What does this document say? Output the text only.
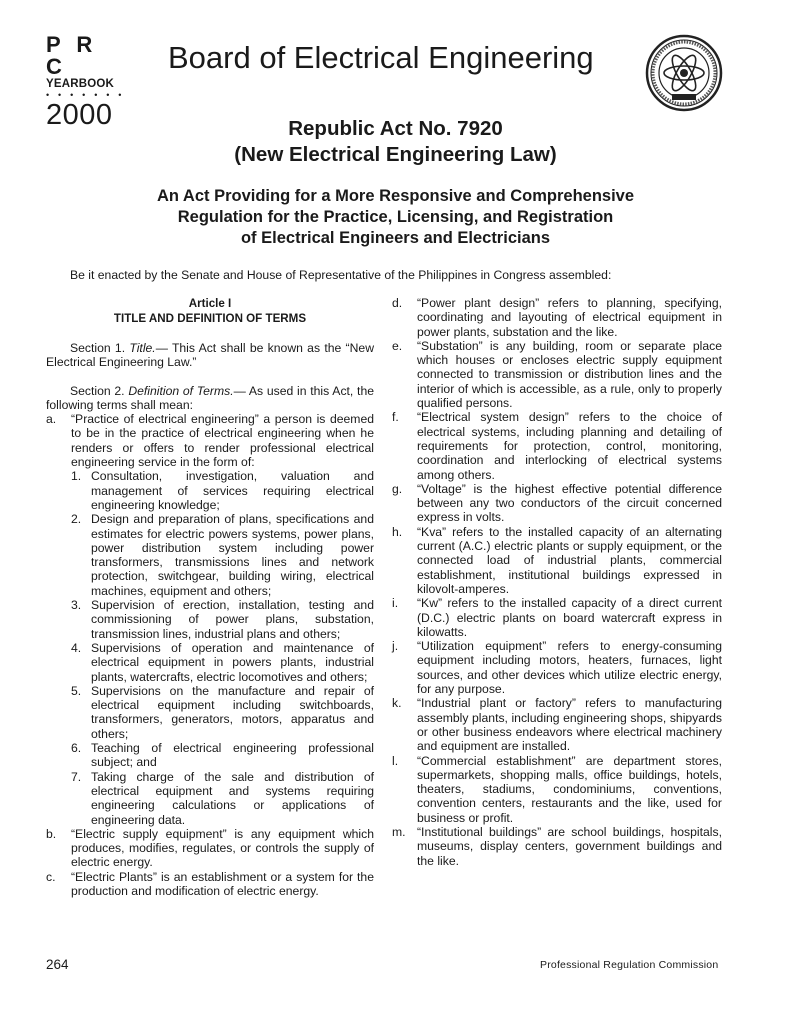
P R C
YEARBOOK
• • • • • • •
2000
Board of Electrical Engineering
Republic Act No. 7920
(New Electrical Engineering Law)
An Act Providing for a More Responsive and Comprehensive
Regulation for the Practice, Licensing, and Registration
of Electrical Engineers and Electricians
Be it enacted by the Senate and House of Representative of the Philippines in Congress assembled:
Article I
TITLE AND DEFINITION OF TERMS

Section 1. Title.— This Act shall be known as the “New Electrical Engineering Law.”

Section 2. Definition of Terms.— As used in this Act, the following terms shall mean:

a.	“Practice of electrical engineering” a person is deemed to be in the practice of electrical engineering when he renders or offers to render professional electrical engineering service in the form of:
1. Consultation, investigation, valuation and management of services requiring electrical engineering knowledge;
2. Design and preparation of plans, specifications and estimates for electric powers systems, power plans, power distribution system including power transformers, transmissions lines and network protection, switchgear, building wiring, electrical machines, equipment and others;
3. Supervision of erection, installation, testing and commissioning of power plans, substation, transmission lines, industrial plans and others;
4. Supervisions of operation and maintenance of electrical equipment in powers plants, industrial plants, watercrafts, electric locomotives and others;
5. Supervisions on the manufacture and repair of electrical equipment including switchboards, transformers, generators, motors, apparatus and others;
6. Teaching of electrical engineering professional subject; and
7. Taking charge of the sale and distribution of electrical equipment and systems requiring engineering calculations or applications of engineering data.
b.	“Electric supply equipment” is any equipment which produces, modifies, regulates, or controls the supply of electric energy.
c.	“Electric Plants” is an establishment or a system for the production and modification of electric energy.
d.	“Power plant design” refers to planning, specifying, coordinating and layouting of electrical equipment in power plants, substation and the like.
e.	“Substation” is any building, room or separate place which houses or encloses electric supply equipment connected to transmission or distribution lines and the interior of which is accessible, as a rule, only to properly qualified persons.
f.	“Electrical system design” refers to the choice of electrical systems, including planning and detailing of requirements for protection, control, monitoring, coordination and interlocking of electrical systems among others.
g.	“Voltage” is the highest effective potential difference between any two conductors of the circuit concerned express in volts.
h.	“Kva” refers to the installed capacity of an alternating current (A.C.) electric plants or supply equipment, or the connected load of industrial plants, commercial establishment, institutional buildings expressed in kilovolt-amperes.
i.	“Kw” refers to the installed capacity of a direct current (D.C.) electric plants on board watercraft express in kilowatts.
j.	“Utilization equipment” refers to energy-consuming equipment including motors, heaters, furnaces, light sources, and other devices which utilize electric energy, for any purpose.
k.	“Industrial plant or factory” refers to manufacturing assembly plants, including engineering shops, shipyards or other business endeavors where electrical machinery and equipment are installed.
l.	“Commercial establishment” are department stores, supermarkets, shopping malls, office buildings, hotels, theaters, stadiums, condominiums, conventions, convention centers, restaurants and the like, used for business or profit.
m. “Institutional buildings” are school buildings, hospitals, museums, display centers, government buildings and the like.
264	Professional Regulation Commission
